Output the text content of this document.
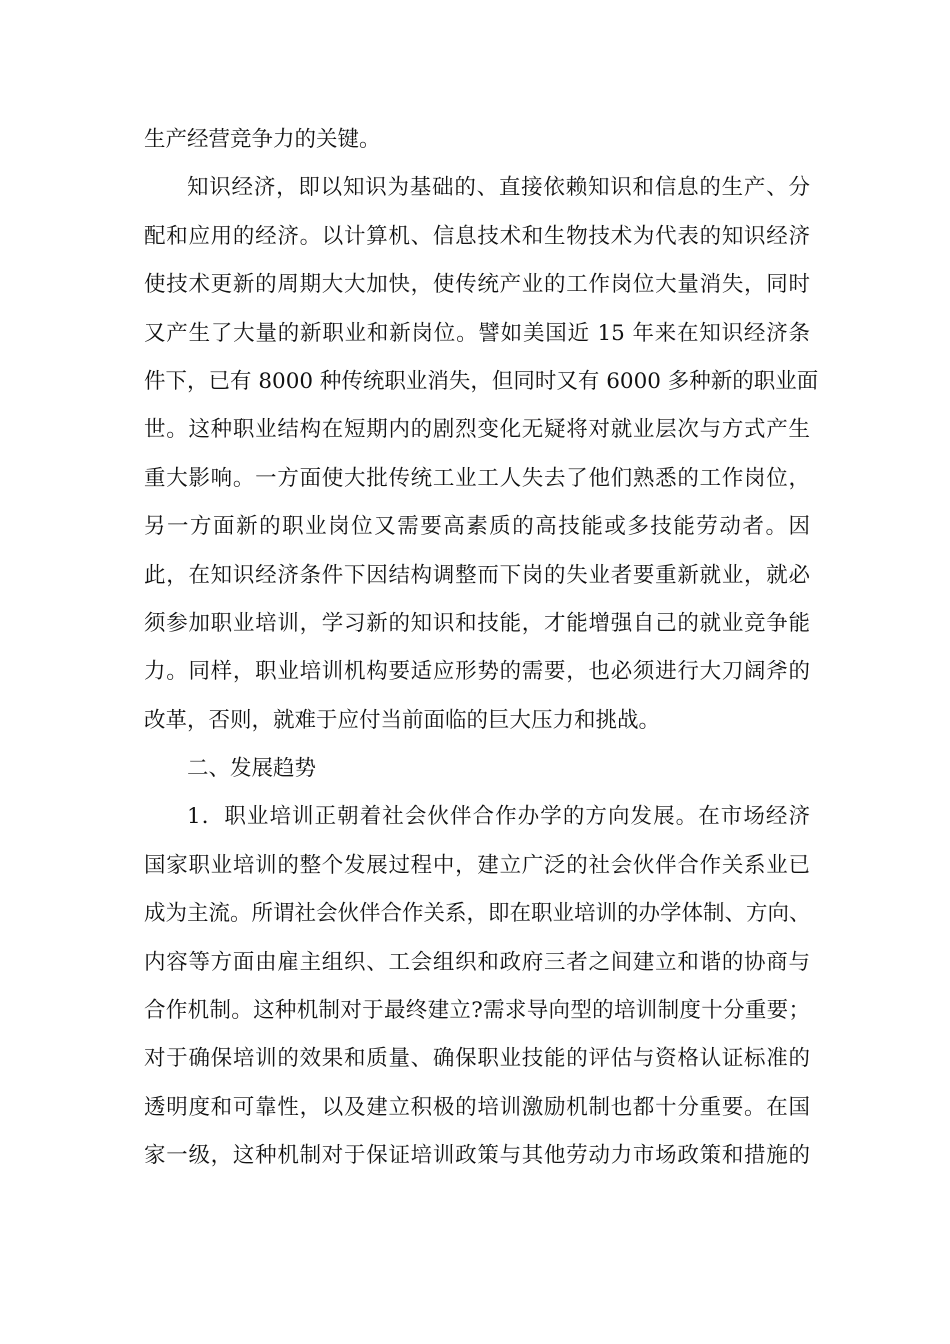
生产经营竞争力的关键。
知识经济，即以知识为基础的、直接依赖知识和信息的生产、分
配和应用的经济。以计算机、信息技术和生物技术为代表的知识经济
使技术更新的周期大大加快，使传统产业的工作岗位大量消失，同时
又产生了大量的新职业和新岗位。譬如美国近 15 年来在知识经济条
件下，已有 8000 种传统职业消失，但同时又有 6000 多种新的职业面
世。这种职业结构在短期内的剧烈变化无疑将对就业层次与方式产生
重大影响。一方面使大批传统工业工人失去了他们熟悉的工作岗位，
另一方面新的职业岗位又需要高素质的高技能或多技能劳动者。因
此，在知识经济条件下因结构调整而下岗的失业者要重新就业，就必
须参加职业培训，学习新的知识和技能，才能增强自己的就业竞争能
力。同样，职业培训机构要适应形势的需要，也必须进行大刀阔斧的
改革，否则，就难于应付当前面临的巨大压力和挑战。
二、发展趋势
1．职业培训正朝着社会伙伴合作办学的方向发展。在市场经济
国家职业培训的整个发展过程中，建立广泛的社会伙伴合作关系业已
成为主流。所谓社会伙伴合作关系，即在职业培训的办学体制、方向、
内容等方面由雇主组织、工会组织和政府三者之间建立和谐的协商与
合作机制。这种机制对于最终建立?需求导向型的培训制度十分重要；
对于确保培训的效果和质量、确保职业技能的评估与资格认证标准的
透明度和可靠性，以及建立积极的培训激励机制也都十分重要。在国
家一级，这种机制对于保证培训政策与其他劳动力市场政策和措施的
